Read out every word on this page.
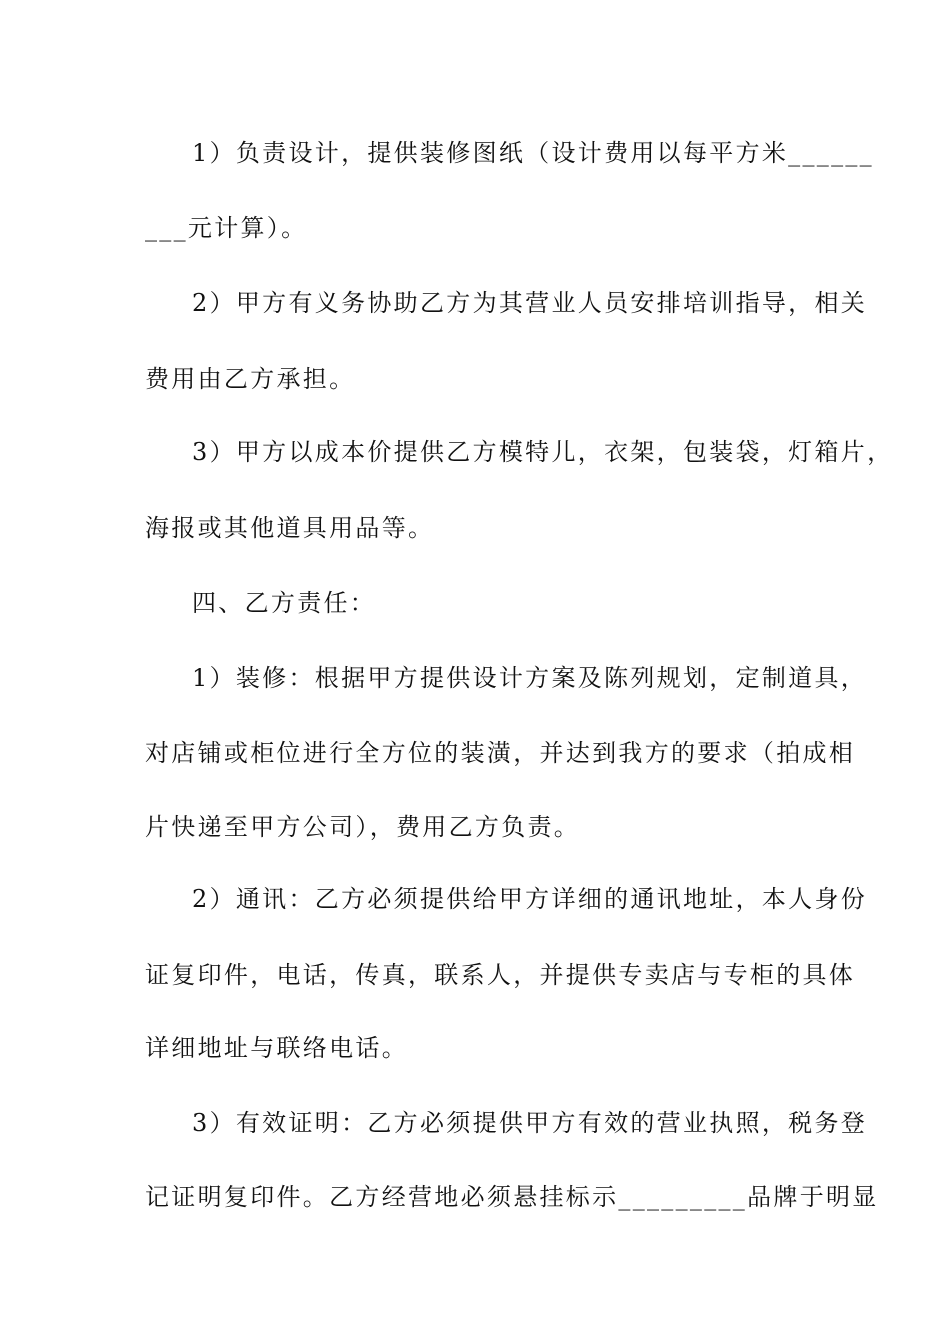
1）负责设计，提供装修图纸（设计费用以每平方米______
___元计算）。
2）甲方有义务协助乙方为其营业人员安排培训指导，相关
费用由乙方承担。
3）甲方以成本价提供乙方模特儿，衣架，包装袋，灯箱片，
海报或其他道具用品等。
四、乙方责任：
1）装修：根据甲方提供设计方案及陈列规划，定制道具，
对店铺或柜位进行全方位的装潢，并达到我方的要求（拍成相
片快递至甲方公司），费用乙方负责。
2）通讯：乙方必须提供给甲方详细的通讯地址，本人身份
证复印件，电话，传真，联系人，并提供专卖店与专柜的具体
详细地址与联络电话。
3）有效证明：乙方必须提供甲方有效的营业执照，税务登
记证明复印件。乙方经营地必须悬挂标示_________品牌于明显
